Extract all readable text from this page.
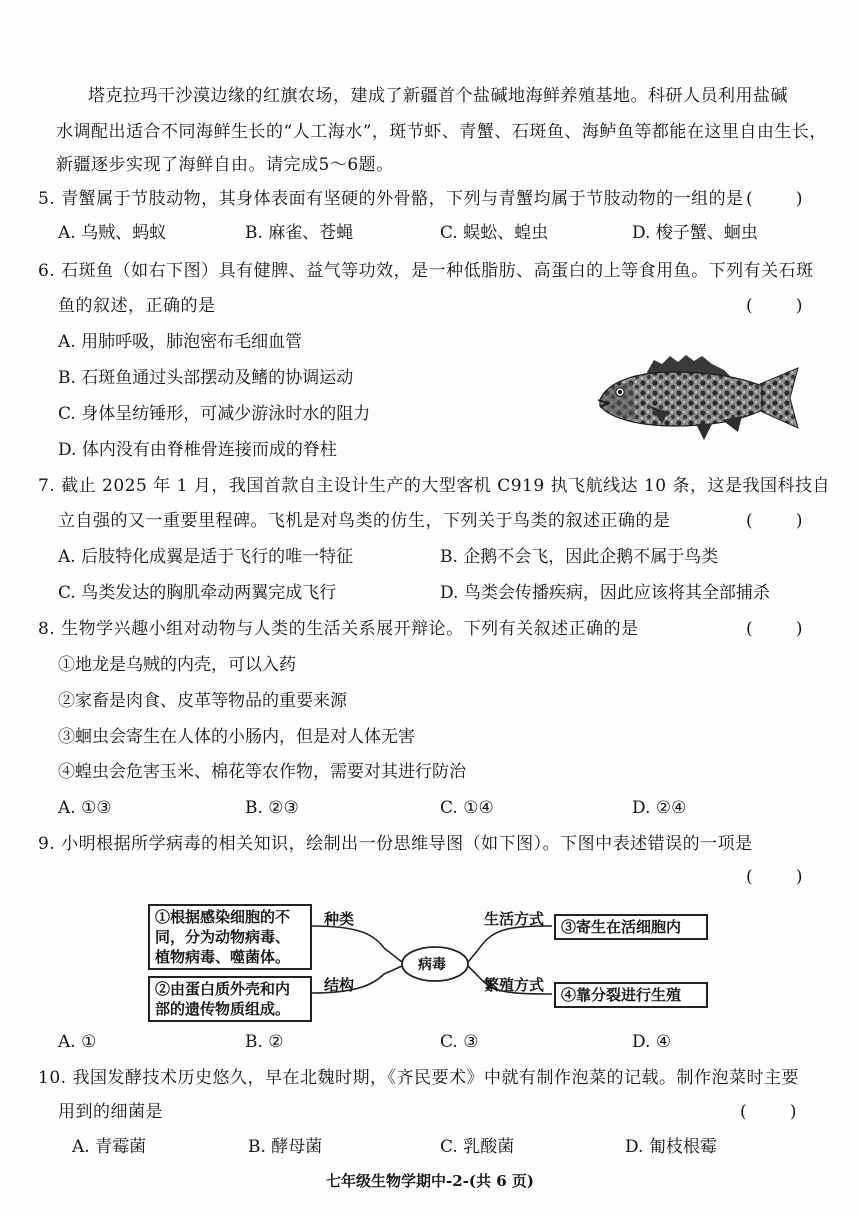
塔克拉玛干沙漠边缘的红旗农场，建成了新疆首个盐碱地海鲜养殖基地。科研人员利用盐碱
水调配出适合不同海鲜生长的“人工海水”，斑节虾、青蟹、石斑鱼、海鲈鱼等都能在这里自由生长，
新疆逐步实现了海鲜自由。请完成5～6题。
5. 青蟹属于节肢动物，其身体表面有坚硬的外骨骼，下列与青蟹均属于节肢动物的一组的是 (        )
A. 乌贼、蚂蚁	B. 麻雀、苍蝇	C. 蜈蚣、蝗虫	D. 梭子蟹、蛔虫
6. 石斑鱼（如右下图）具有健脾、益气等功效，是一种低脂肪、高蛋白的上等食用鱼。下列有关石斑
鱼的叙述，正确的是	(        )
A. 用肺呼吸，肺泡密布毛细血管
B. 石斑鱼通过头部摆动及鳍的协调运动
C. 身体呈纺锤形，可减少游泳时水的阻力
D. 体内没有由脊椎骨连接而成的脊柱
7. 截止 2025 年 1 月，我国首款自主设计生产的大型客机 C919 执飞航线达 10 条，这是我国科技自
立自强的又一重要里程碑。飞机是对鸟类的仿生，下列关于鸟类的叙述正确的是	(        )
A. 后肢特化成翼是适于飞行的唯一特征	B. 企鹅不会飞，因此企鹅不属于鸟类
C. 鸟类发达的胸肌牵动两翼完成飞行	D. 鸟类会传播疾病，因此应该将其全部捕杀
8. 生物学兴趣小组对动物与人类的生活关系展开辩论。下列有关叙述正确的是	(        )
①地龙是乌贼的内壳，可以入药
②家畜是肉食、皮革等物品的重要来源
③蛔虫会寄生在人体的小肠内，但是对人体无害
④蝗虫会危害玉米、棉花等农作物，需要对其进行防治
A. ①③	B. ②③	C. ①④	D. ②④
9. 小明根据所学病毒的相关知识，绘制出一份思维导图（如下图）。下图中表述错误的一项是
(        )
病毒
①根据感染细胞的不
同，分为动物病毒、
植物病毒、噬菌体。
②由蛋白质外壳和内
部的遗传物质组成。
③寄生在活细胞内
④靠分裂进行生殖
种类
结构
生活方式
繁殖方式
A. ①	B. ②	C. ③	D. ④
10. 我国发酵技术历史悠久，早在北魏时期，《齐民要术》中就有制作泡菜的记载。制作泡菜时主要
用到的细菌是	(        )
A. 青霉菌	B. 酵母菌	C. 乳酸菌	D. 匍枝根霉
七年级生物学期中-2-(共 6 页)
